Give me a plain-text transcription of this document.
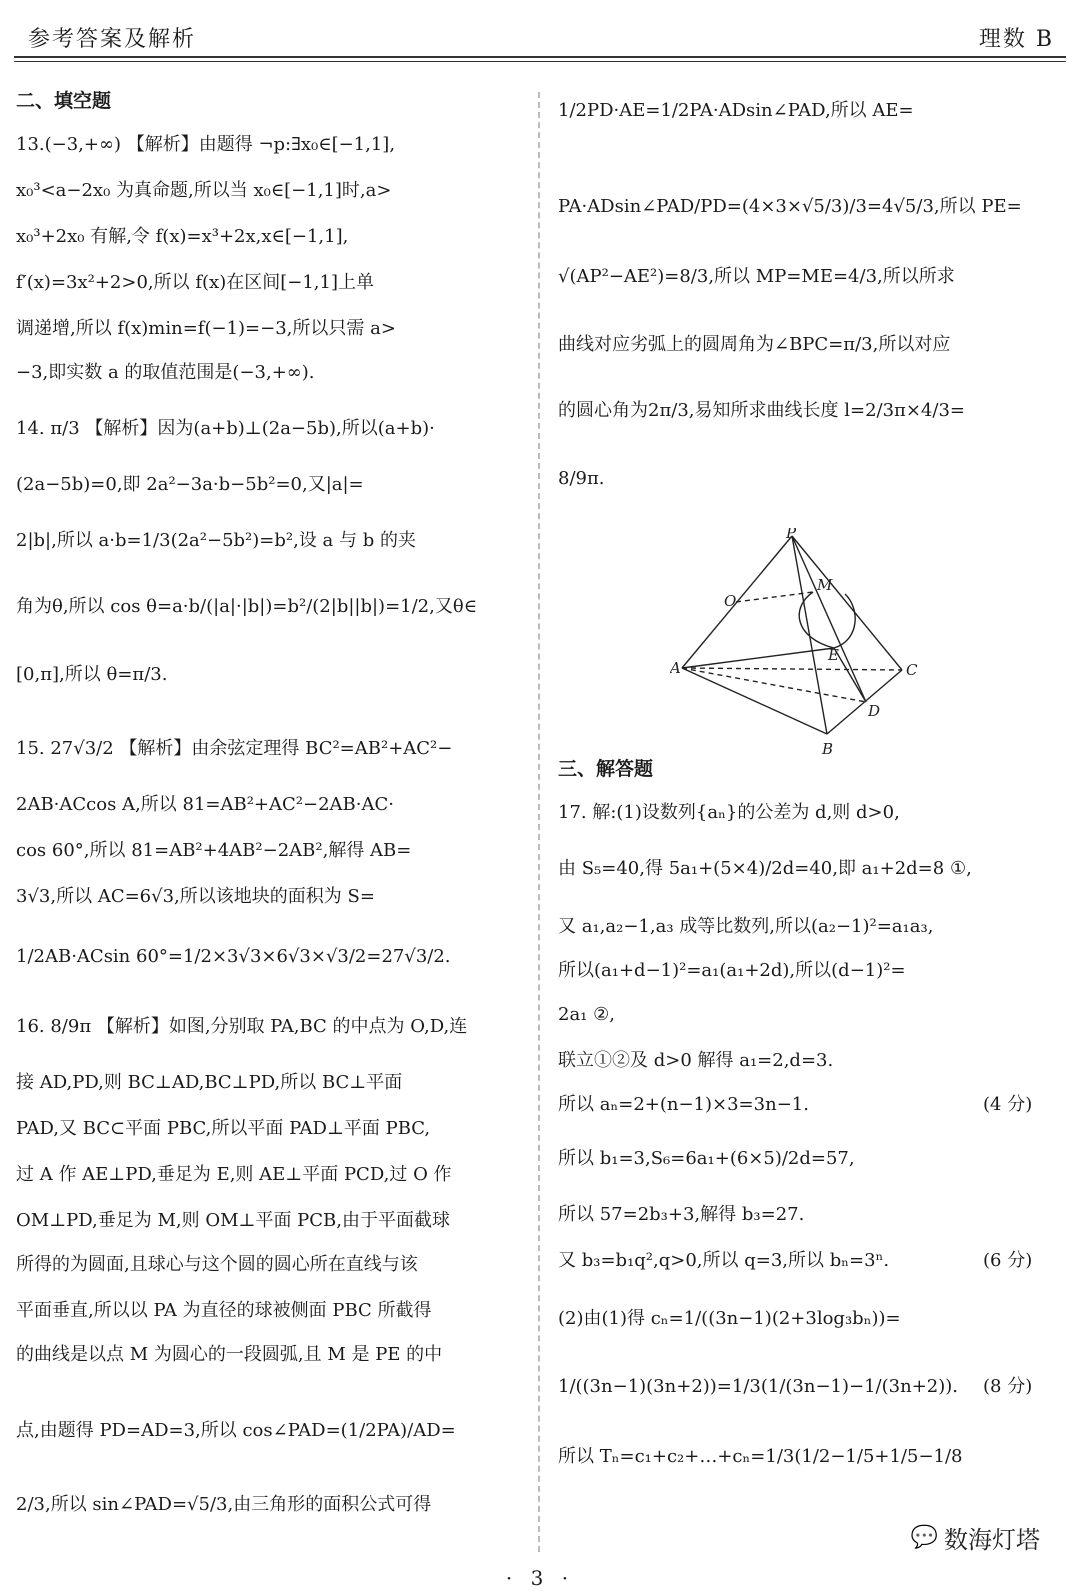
参考答案及解析	理数 B
二、填空题
13.(−3,+∞) 【解析】由题得 ¬p:∃x₀∈[−1,1],
x₀³<a−2x₀ 为真命题,所以当 x₀∈[−1,1]时,a>
x₀³+2x₀ 有解,令 f(x)=x³+2x,x∈[−1,1],
f′(x)=3x²+2>0,所以 f(x)在区间[−1,1]上单
调递增,所以 f(x)min=f(−1)=−3,所以只需 a>
−3,即实数 a 的取值范围是(−3,+∞).
14. π/3 【解析】因为(a+b)⊥(2a−5b),所以(a+b)·
(2a−5b)=0,即 2a²−3a·b−5b²=0,又|a|=
2|b|,所以 a·b=1/3(2a²−5b²)=b²,设 a 与 b 的夹
角为θ,所以 cos θ=a·b/(|a|·|b|)=b²/(2|b||b|)=1/2,又θ∈
[0,π],所以 θ=π/3.
15. 27√3/2 【解析】由余弦定理得 BC²=AB²+AC²−
2AB·ACcos A,所以 81=AB²+AC²−2AB·AC·
cos 60°,所以 81=AB²+4AB²−2AB²,解得 AB=
3√3,所以 AC=6√3,所以该地块的面积为 S=
1/2AB·ACsin 60°=1/2×3√3×6√3×√3/2=27√3/2.
16. 8/9π 【解析】如图,分别取 PA,BC 的中点为 O,D,连
接 AD,PD,则 BC⊥AD,BC⊥PD,所以 BC⊥平面
PAD,又 BC⊂平面 PBC,所以平面 PAD⊥平面 PBC,
过 A 作 AE⊥PD,垂足为 E,则 AE⊥平面 PCD,过 O 作
OM⊥PD,垂足为 M,则 OM⊥平面 PCB,由于平面截球
所得的为圆面,且球心与这个圆的圆心所在直线与该
平面垂直,所以以 PA 为直径的球被侧面 PBC 所截得
的曲线是以点 M 为圆心的一段圆弧,且 M 是 PE 的中
点,由题得 PD=AD=3,所以 cos∠PAD=(1/2PA)/AD=
2/3,所以 sin∠PAD=√5/3,由三角形的面积公式可得
1/2PD·AE=1/2PA·ADsin∠PAD,所以 AE=
PA·ADsin∠PAD/PD=(4×3×√5/3)/3=4√5/3,所以 PE=
√(AP²−AE²)=8/3,所以 MP=ME=4/3,所以所求
曲线对应劣弧上的圆周角为∠BPC=π/3,所以对应
的圆心角为2π/3,易知所求曲线长度 l=2/3π×4/3=
8/9π.
三、解答题
17. 解:(1)设数列{aₙ}的公差为 d,则 d>0,
由 S₅=40,得 5a₁+(5×4)/2d=40,即 a₁+2d=8 ①,
又 a₁,a₂−1,a₃ 成等比数列,所以(a₂−1)²=a₁a₃,
所以(a₁+d−1)²=a₁(a₁+2d),所以(d−1)²=
2a₁ ②,
联立①②及 d>0 解得 a₁=2,d=3.
所以 aₙ=2+(n−1)×3=3n−1.	(4 分)
所以 b₁=3,S₆=6a₁+(6×5)/2d=57,
所以 57=2b₃+3,解得 b₃=27.
又 b₃=b₁q²,q>0,所以 q=3,所以 bₙ=3ⁿ.	(6 分)
(2)由(1)得 cₙ=1/((3n−1)(2+3log₃bₙ))=
1/((3n−1)(3n+2))=1/3(1/(3n−1)−1/(3n+2)). (8 分)
所以 Tₙ=c₁+c₂+…+cₙ=1/3(1/2−1/5+1/5−1/8
P
M
O
E
A	C
D
B
💬 数海灯塔
· 3 ·
